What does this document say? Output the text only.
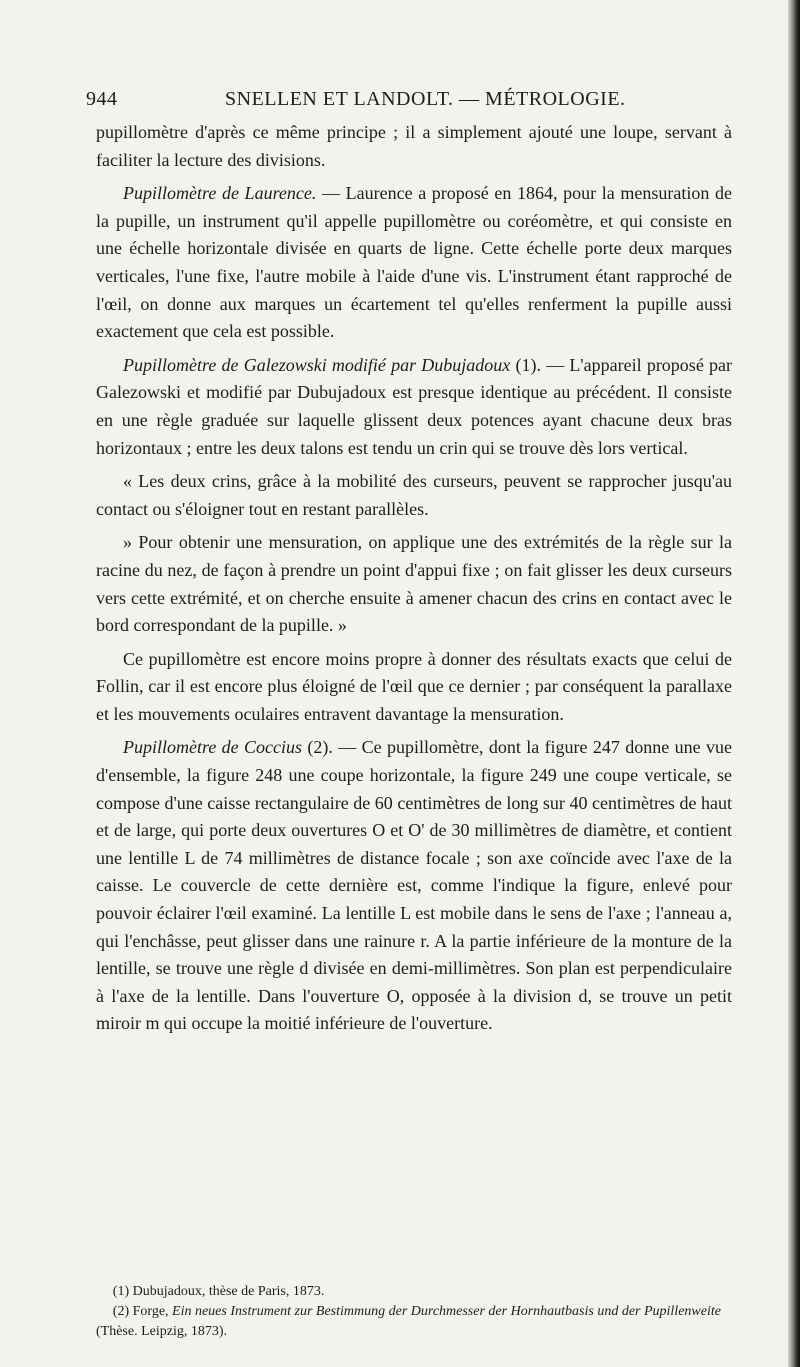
944	SNELLEN ET LANDOLT. — MÉTROLOGIE.

pupillomètre d'après ce même principe ; il a simplement ajouté une loupe, servant à faciliter la lecture des divisions.

Pupillomètre de Laurence. — Laurence a proposé en 1864, pour la mensuration de la pupille, un instrument qu'il appelle pupillomètre ou coréomètre, et qui consiste en une échelle horizontale divisée en quarts de ligne. Cette échelle porte deux marques verticales, l'une fixe, l'autre mobile à l'aide d'une vis. L'instrument étant rapproché de l'œil, on donne aux marques un écartement tel qu'elles renferment la pupille aussi exactement que cela est possible.

Pupillomètre de Galezowski modifié par Dubujadoux (1). — L'appareil proposé par Galezowski et modifié par Dubujadoux est presque identique au précédent. Il consiste en une règle graduée sur laquelle glissent deux potences ayant chacune deux bras horizontaux ; entre les deux talons est tendu un crin qui se trouve dès lors vertical.

« Les deux crins, grâce à la mobilité des curseurs, peuvent se rapprocher jusqu'au contact ou s'éloigner tout en restant parallèles.

» Pour obtenir une mensuration, on applique une des extrémités de la règle sur la racine du nez, de façon à prendre un point d'appui fixe ; on fait glisser les deux curseurs vers cette extrémité, et on cherche ensuite à amener chacun des crins en contact avec le bord correspondant de la pupille. »

Ce pupillomètre est encore moins propre à donner des résultats exacts que celui de Follin, car il est encore plus éloigné de l'œil que ce dernier ; par conséquent la parallaxe et les mouvements oculaires entravent davantage la mensuration.

Pupillomètre de Coccius (2). — Ce pupillomètre, dont la figure 247 donne une vue d'ensemble, la figure 248 une coupe horizontale, la figure 249 une coupe verticale, se compose d'une caisse rectangulaire de 60 centimètres de long sur 40 centimètres de haut et de large, qui porte deux ouvertures O et O' de 30 millimètres de diamètre, et contient une lentille L de 74 millimètres de distance focale ; son axe coïncide avec l'axe de la caisse. Le couvercle de cette dernière est, comme l'indique la figure, enlevé pour pouvoir éclairer l'œil examiné. La lentille L est mobile dans le sens de l'axe ; l'anneau a, qui l'enchâsse, peut glisser dans une rainure r. A la partie inférieure de la monture de la lentille, se trouve une règle d divisée en demi-millimètres. Son plan est perpendiculaire à l'axe de la lentille. Dans l'ouverture O, opposée à la division d, se trouve un petit miroir m qui occupe la moitié inférieure de l'ouverture.

(1) Dubujadoux, thèse de Paris, 1873.

(2) Forge, Ein neues Instrument zur Bestimmung der Durchmesser der Hornhautbasis und der Pupillenweite (Thèse. Leipzig, 1873).
